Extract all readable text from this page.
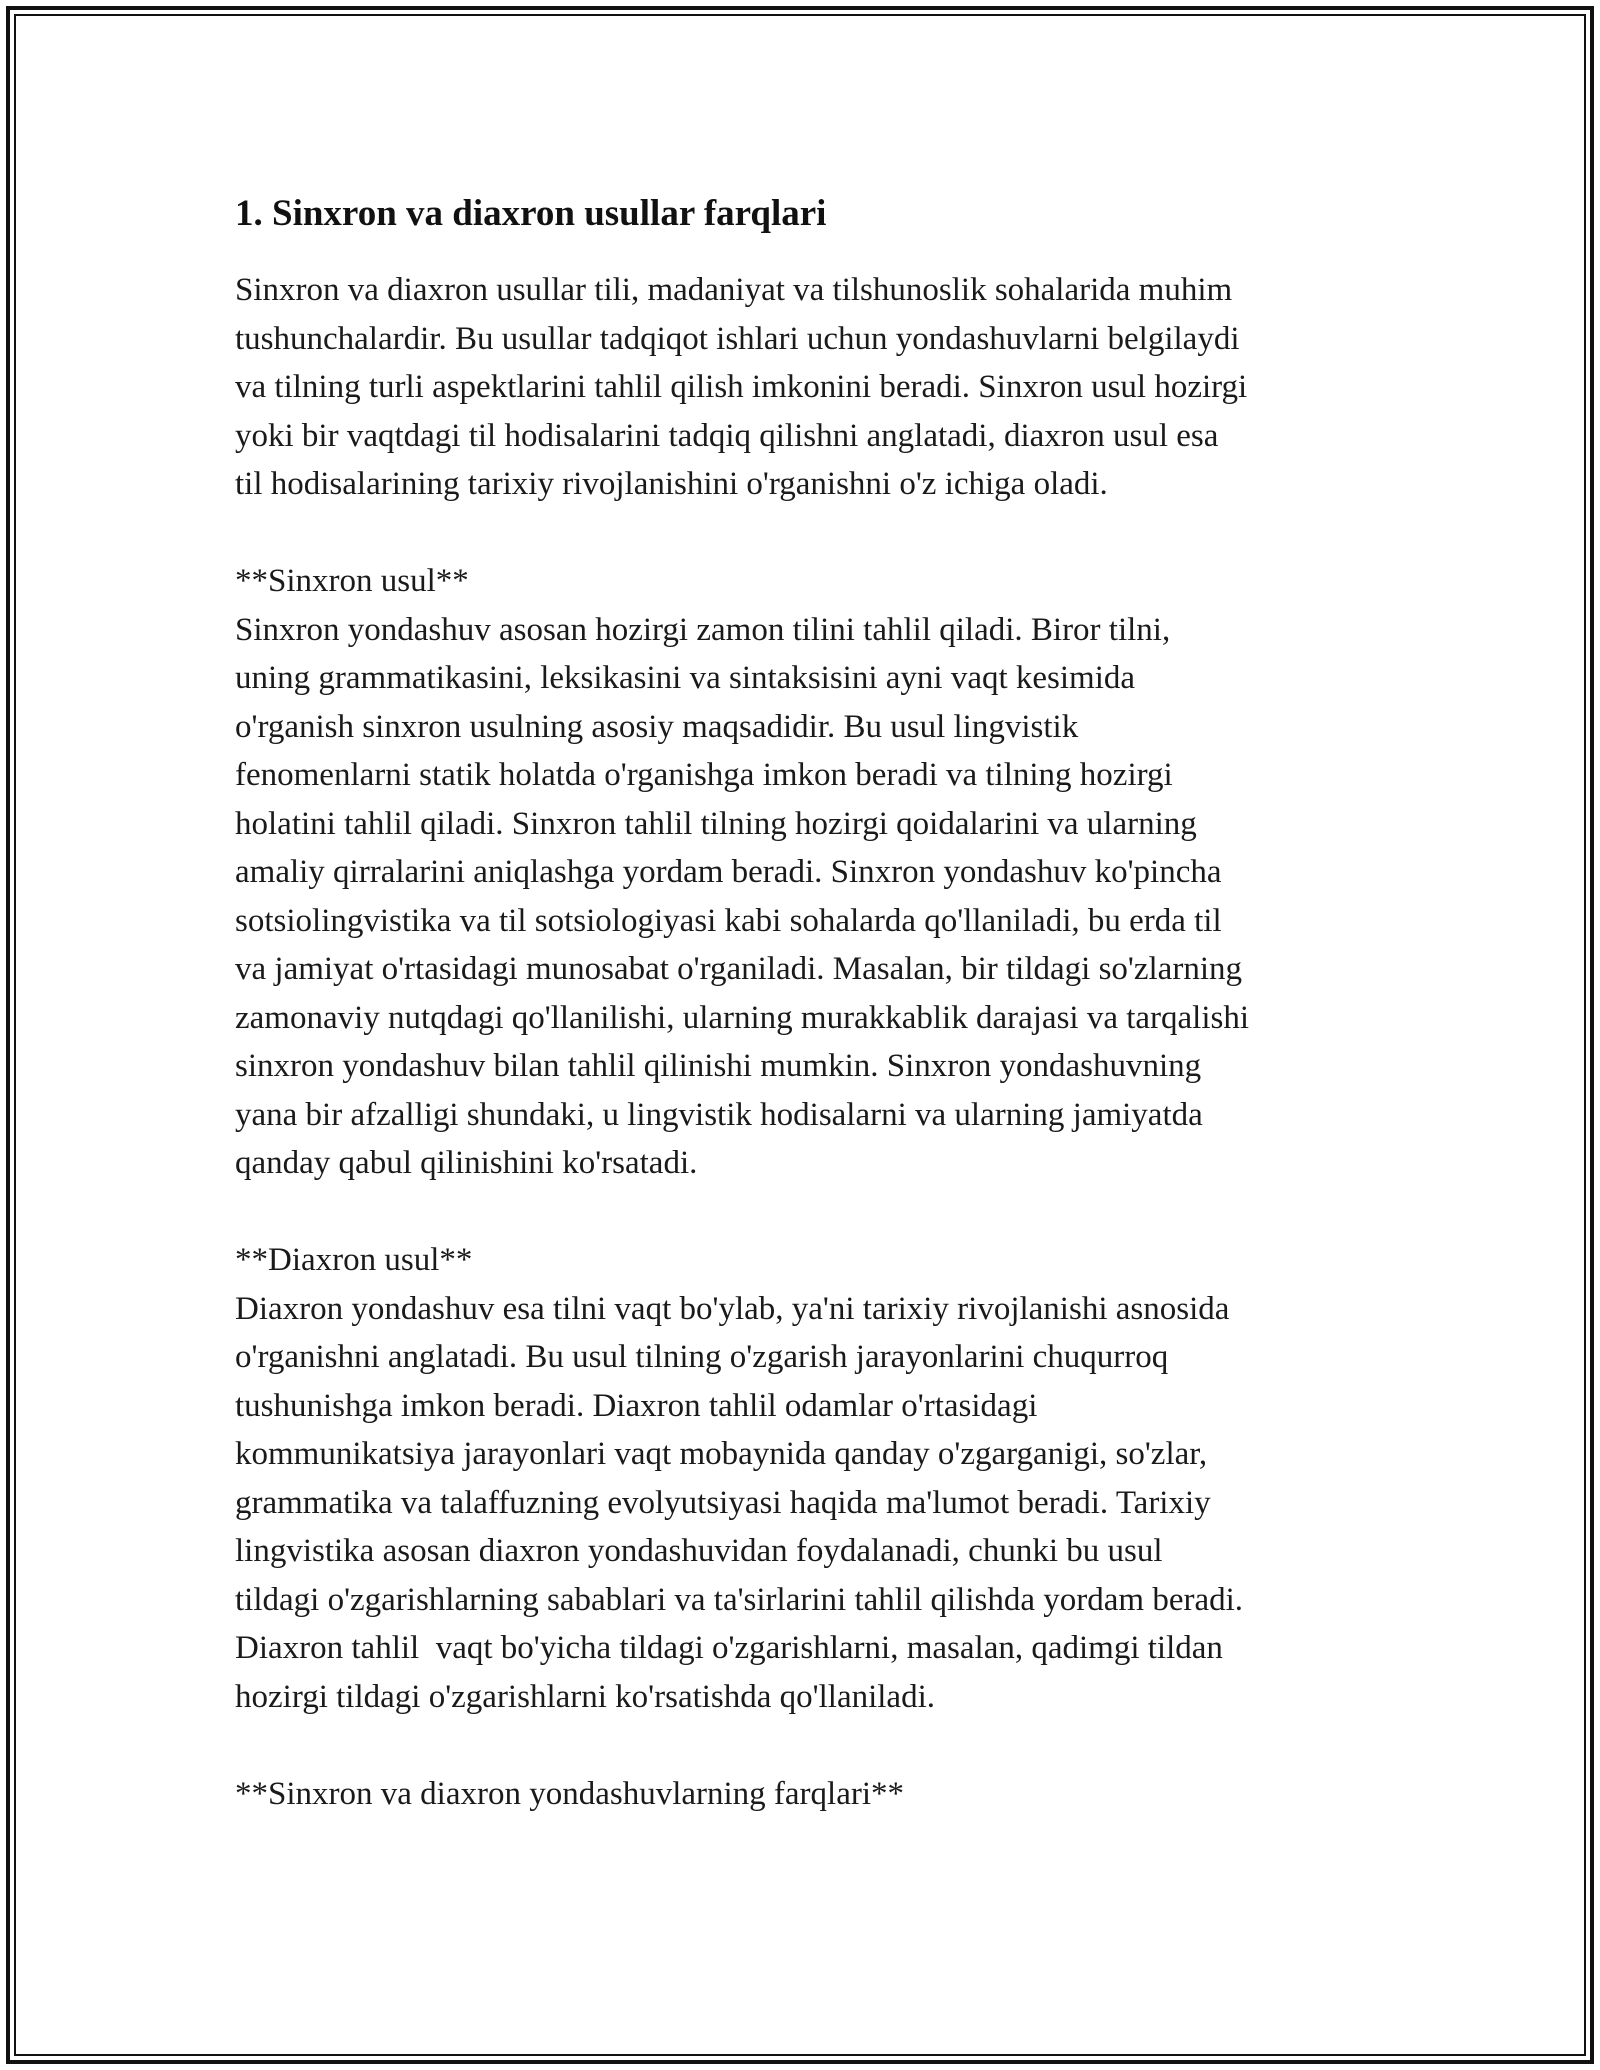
1. Sinxron va diaxron usullar farqlari

Sinxron va diaxron usullar tili, madaniyat va tilshunoslik sohalarida muhim
tushunchalardir. Bu usullar tadqiqot ishlari uchun yondashuvlarni belgilaydi
va tilning turli aspektlarini tahlil qilish imkonini beradi. Sinxron usul hozirgi
yoki bir vaqtdagi til hodisalarini tadqiq qilishni anglatadi, diaxron usul esa
til hodisalarining tarixiy rivojlanishini o'rganishni o'z ichiga oladi.

**Sinxron usul**
Sinxron yondashuv asosan hozirgi zamon tilini tahlil qiladi. Biror tilni,
uning grammatikasini, leksikasini va sintaksisini ayni vaqt kesimida
o'rganish sinxron usulning asosiy maqsadidir. Bu usul lingvistik
fenomenlarni statik holatda o'rganishga imkon beradi va tilning hozirgi
holatini tahlil qiladi. Sinxron tahlil tilning hozirgi qoidalarini va ularning
amaliy qirralarini aniqlashga yordam beradi. Sinxron yondashuv ko'pincha
sotsiolingvistika va til sotsiologiyasi kabi sohalarda qo'llaniladi, bu erda til
va jamiyat o'rtasidagi munosabat o'rganiladi. Masalan, bir tildagi so'zlarning
zamonaviy nutqdagi qo'llanilishi, ularning murakkablik darajasi va tarqalishi
sinxron yondashuv bilan tahlil qilinishi mumkin. Sinxron yondashuvning
yana bir afzalligi shundaki, u lingvistik hodisalarni va ularning jamiyatda
qanday qabul qilinishini ko'rsatadi.

**Diaxron usul**
Diaxron yondashuv esa tilni vaqt bo'ylab, ya'ni tarixiy rivojlanishi asnosida
o'rganishni anglatadi. Bu usul tilning o'zgarish jarayonlarini chuqurroq
tushunishga imkon beradi. Diaxron tahlil odamlar o'rtasidagi
kommunikatsiya jarayonlari vaqt mobaynida qanday o'zgarganigi, so'zlar,
grammatika va talaffuzning evolyutsiyasi haqida ma'lumot beradi. Tarixiy
lingvistika asosan diaxron yondashuvidan foydalanadi, chunki bu usul
tildagi o'zgarishlarning sabablari va ta'sirlarini tahlil qilishda yordam beradi.
Diaxron tahlil  vaqt bo'yicha tildagi o'zgarishlarni, masalan, qadimgi tildan
hozirgi tildagi o'zgarishlarni ko'rsatishda qo'llaniladi.

**Sinxron va diaxron yondashuvlarning farqlari**
